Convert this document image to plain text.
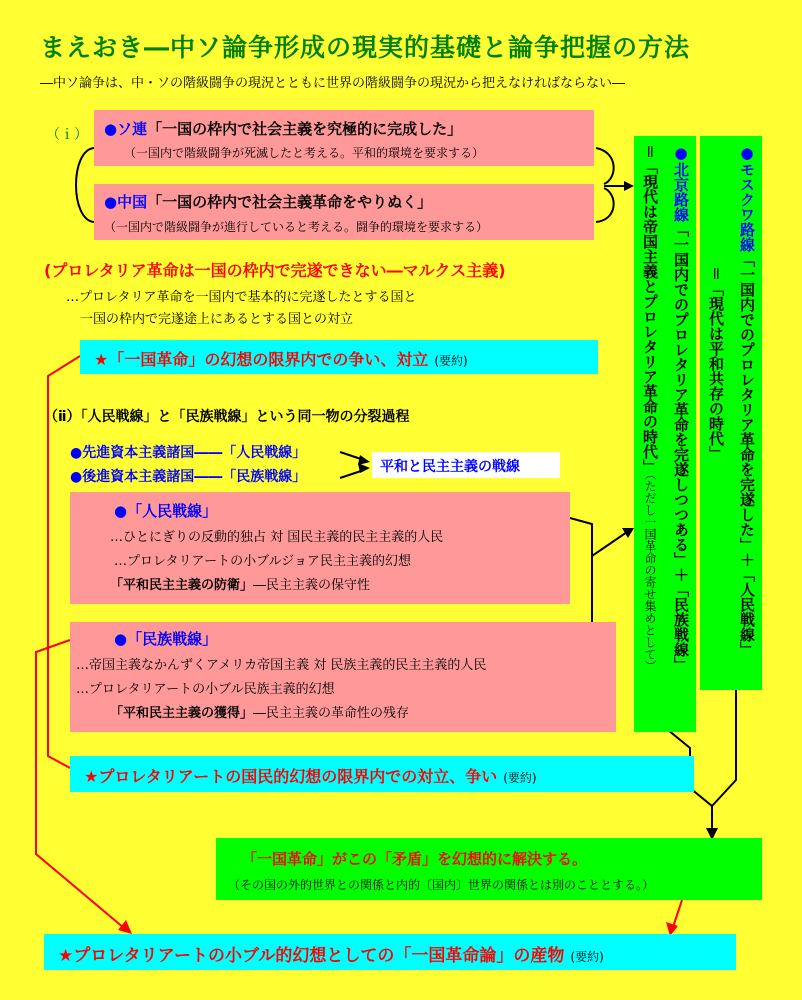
まえおき―中ソ論争形成の現実的基礎と論争把握の方法
―中ソ論争は、中・ソの階級闘争の現況とともに世界の階級闘争の現況から把えなければならない―
（ｉ） ●ソ連「一国の枠内で社会主義を究極的に完成した」
（一国内で階級闘争が死滅したと考える。平和的環境を要求する）
●中国「一国の枠内で社会主義革命をやりぬく」
（一国内で階級闘争が進行していると考える。闘争的環境を要求する）
(プロレタリア革命は一国の枠内で完遂できない―マルクス主義)
…プロレタリア革命を一国内で基本的に完遂したとする国と
一国の枠内で完遂途上にあるとする国との対立
★「一国革命」の幻想の限界内での争い、対立 (要約)
（ⅱ）「人民戦線」と「民族戦線」という同一物の分裂過程
●先進資本主義諸国――「人民戦線」
●後進資本主義諸国――「民族戦線」
平和と民主主義の戦線
●「人民戦線」
…ひとにぎりの反動的独占 対 国民主義的民主主義的人民
…プロレタリアートの小ブルジョア民主主義的幻想
「平和民主主義の防衛」―民主主義の保守性
●「民族戦線」
…帝国主義なかんずくアメリカ帝国主義 対 民族主義的民主主義的人民
…プロレタリアートの小ブル民族主義的幻想
「平和民主主義の獲得」―民主主義の革命性の残存
★プロレタリアートの国民的幻想の限界内での対立、争い (要約)
●北京路線「一国内でのプロレタリア革命を完遂しつつある」＋「民族戦線」
＝「現代は帝国主義とプロレタリア革命の時代」（ただし一国革命の寄せ集めとして）
●モスクワ路線「一国内でのプロレタリア革命を完遂した」＋「人民戦線」
＝「現代は平和共存の時代」
「一国革命」がこの「矛盾」を幻想的に解決する。
（その国の外的世界との関係と内的〔国内〕世界の関係とは別のこととする。）
★プロレタリアートの小ブル的幻想としての「一国革命論」の産物 (要約)
